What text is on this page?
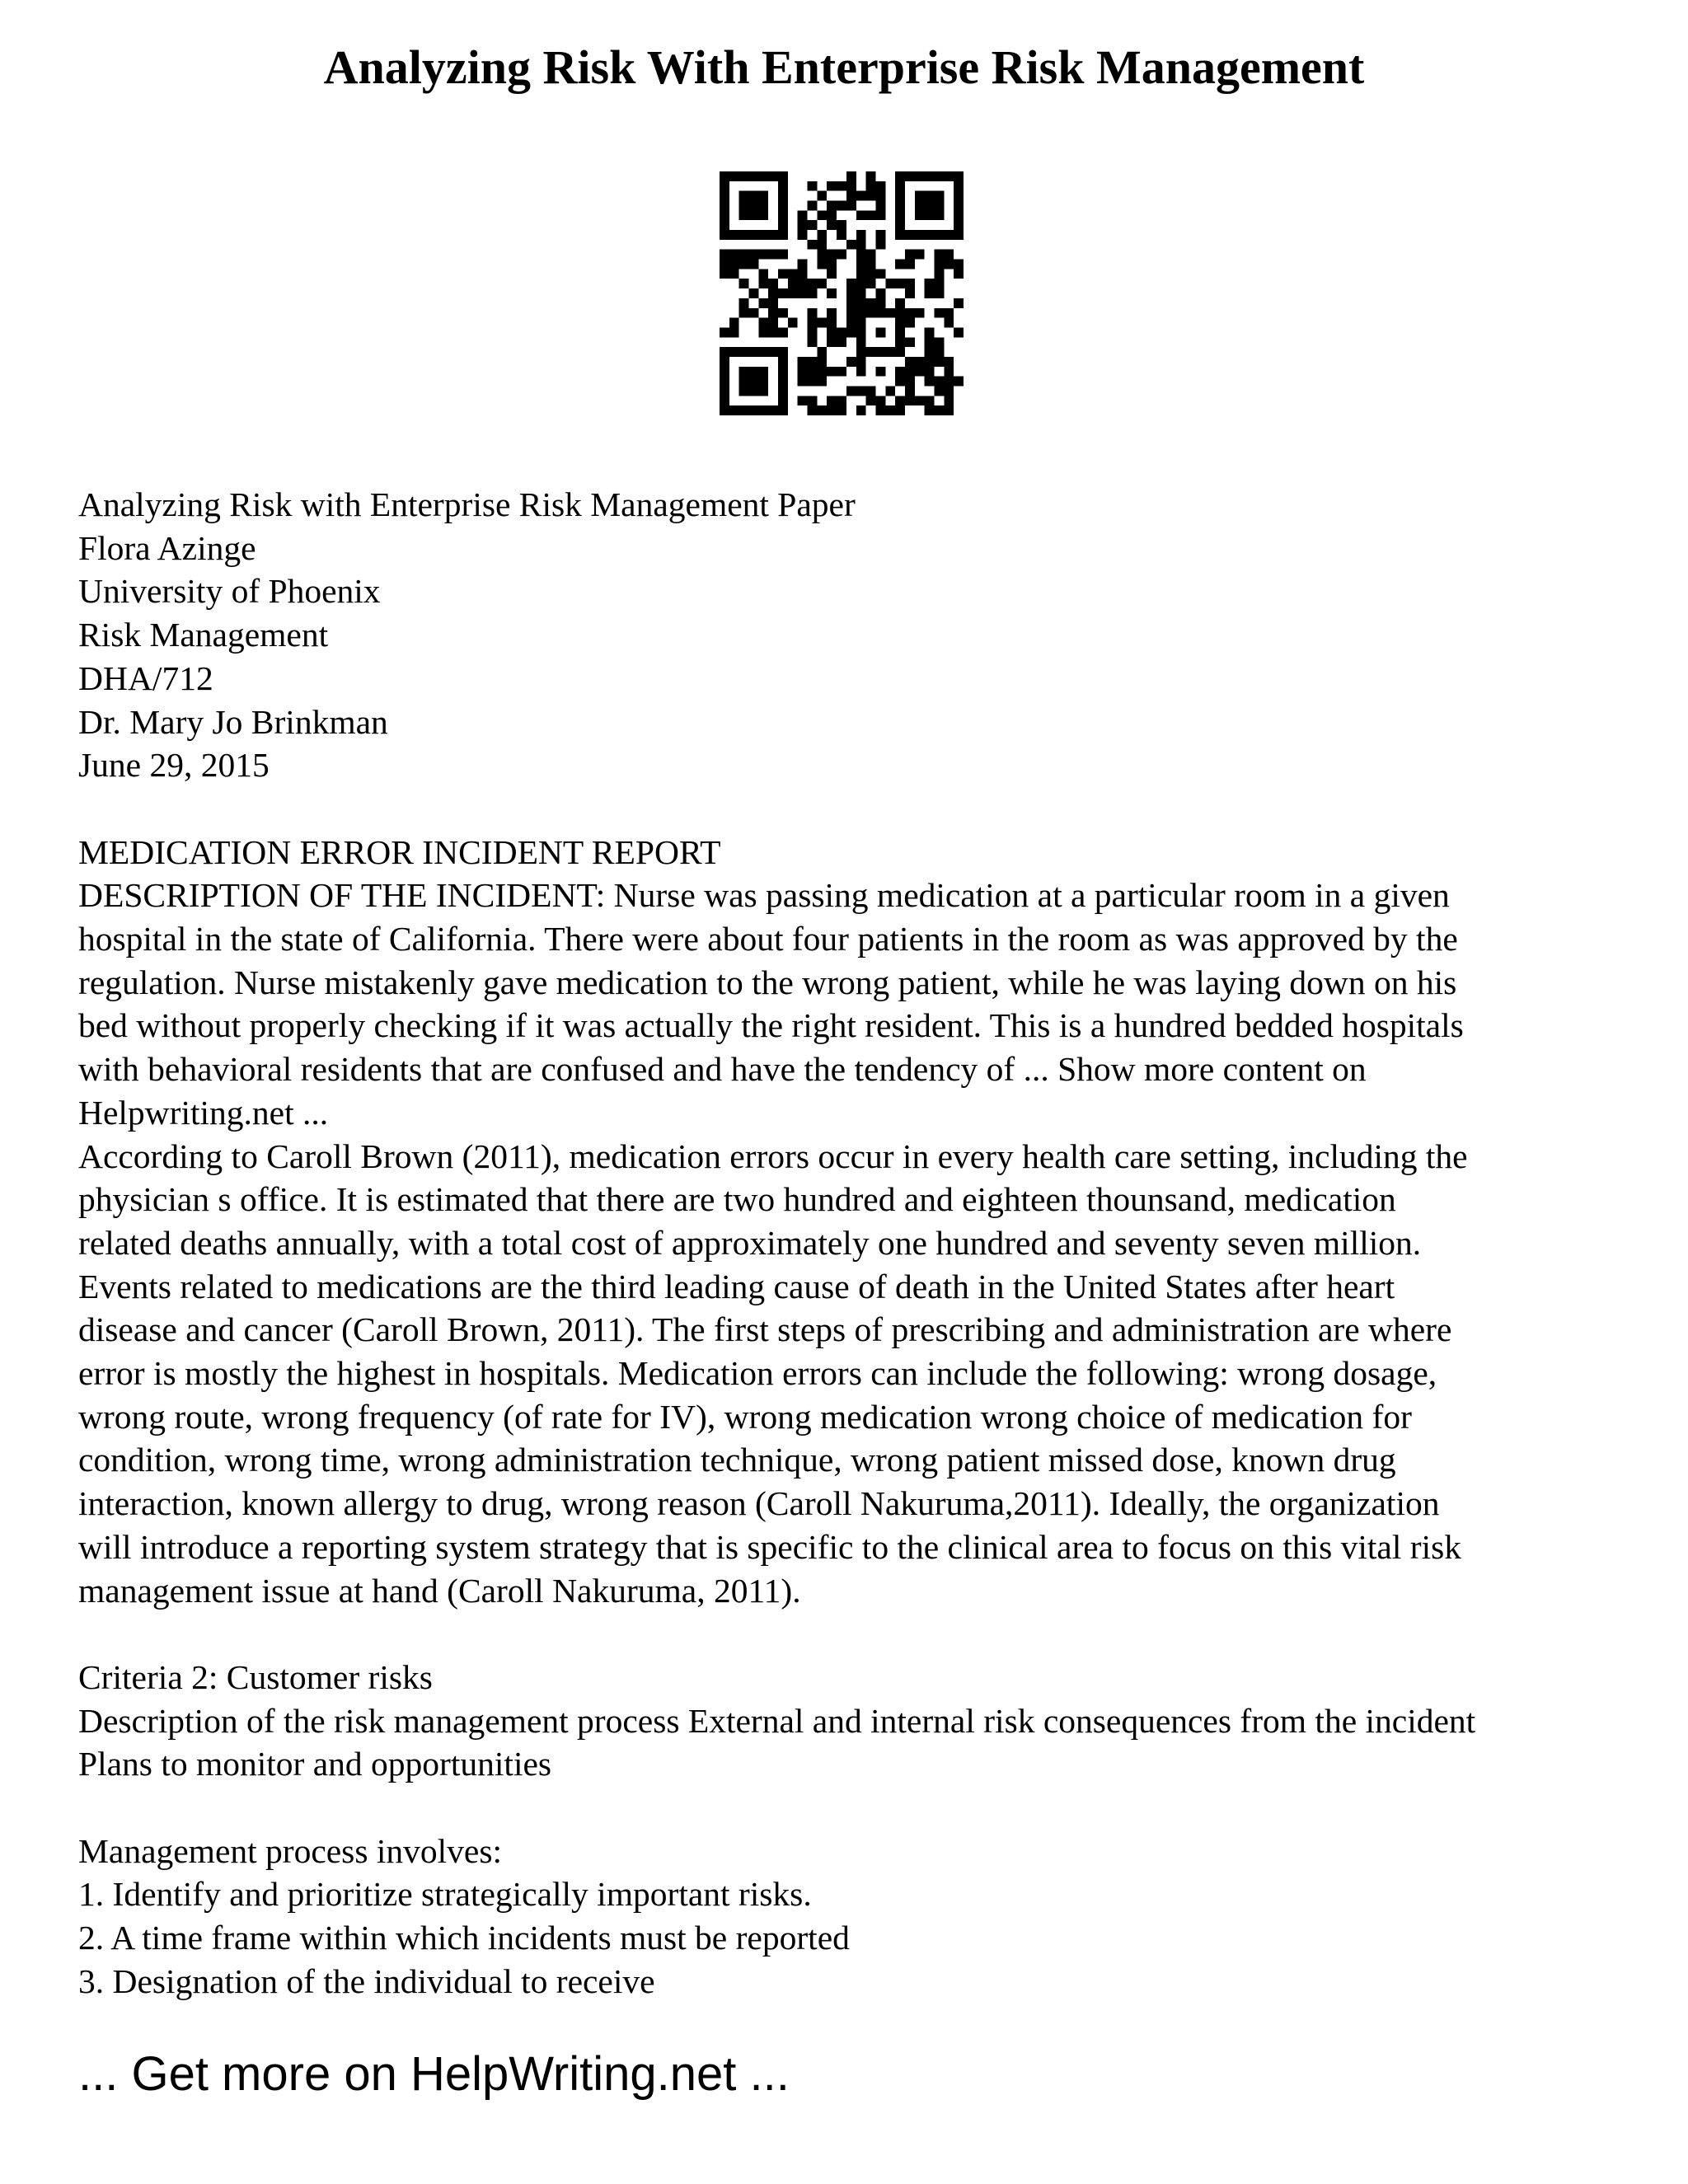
Analyzing Risk With Enterprise Risk Management
Analyzing Risk with Enterprise Risk Management Paper
Flora Azinge
University of Phoenix
Risk Management
DHA/712
Dr. Mary Jo Brinkman
June 29, 2015
MEDICATION ERROR INCIDENT REPORT
DESCRIPTION OF THE INCIDENT: Nurse was passing medication at a particular room in a given
hospital in the state of California. There were about four patients in the room as was approved by the
regulation. Nurse mistakenly gave medication to the wrong patient, while he was laying down on his
bed without properly checking if it was actually the right resident. This is a hundred bedded hospitals
with behavioral residents that are confused and have the tendency of ... Show more content on
Helpwriting.net ...
According to Caroll Brown (2011), medication errors occur in every health care setting, including the
physician s office. It is estimated that there are two hundred and eighteen thounsand, medication
related deaths annually, with a total cost of approximately one hundred and seventy seven million.
Events related to medications are the third leading cause of death in the United States after heart
disease and cancer (Caroll Brown, 2011). The first steps of prescribing and administration are where
error is mostly the highest in hospitals. Medication errors can include the following: wrong dosage,
wrong route, wrong frequency (of rate for IV), wrong medication wrong choice of medication for
condition, wrong time, wrong administration technique, wrong patient missed dose, known drug
interaction, known allergy to drug, wrong reason (Caroll Nakuruma,2011). Ideally, the organization
will introduce a reporting system strategy that is specific to the clinical area to focus on this vital risk
management issue at hand (Caroll Nakuruma, 2011).
Criteria 2: Customer risks
Description of the risk management process External and internal risk consequences from the incident
Plans to monitor and opportunities
Management process involves:
1. Identify and prioritize strategically important risks.
2. A time frame within which incidents must be reported
3. Designation of the individual to receive
... Get more on HelpWriting.net ...
